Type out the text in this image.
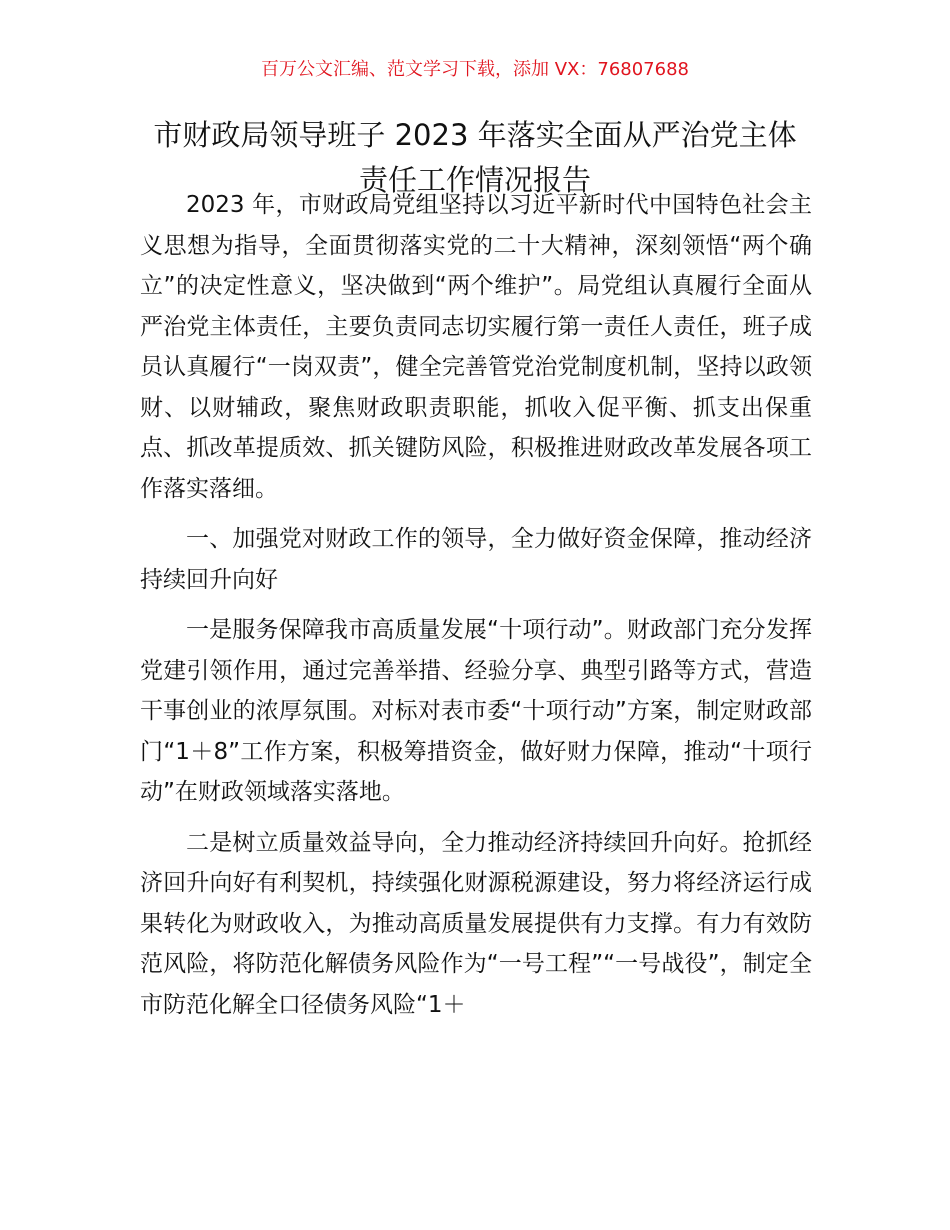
百万公文汇编、范文学习下载，添加 VX：76807688
市财政局领导班子 2023 年落实全面从严治党主体责任工作情况报告

2023 年，市财政局党组坚持以习近平新时代中国特色社会主义思想为指导，全面贯彻落实党的二十大精神，深刻领悟“两个确立”的决定性意义，坚决做到“两个维护”。局党组认真履行全面从严治党主体责任，主要负责同志切实履行第一责任人责任，班子成员认真履行“一岗双责”，健全完善管党治党制度机制，坚持以政领财、以财辅政，聚焦财政职责职能，抓收入促平衡、抓支出保重点、抓改革提质效、抓关键防风险，积极推进财政改革发展各项工作落实落细。

一、加强党对财政工作的领导，全力做好资金保障，推动经济持续回升向好

一是服务保障我市高质量发展“十项行动”。财政部门充分发挥党建引领作用，通过完善举措、经验分享、典型引路等方式，营造干事创业的浓厚氛围。对标对表市委“十项行动”方案，制定财政部门“1＋8”工作方案，积极筹措资金，做好财力保障，推动“十项行动”在财政领域落实落地。

二是树立质量效益导向，全力推动经济持续回升向好。抢抓经济回升向好有利契机，持续强化财源税源建设，努力将经济运行成果转化为财政收入，为推动高质量发展提供有力支撑。有力有效防范风险，将防范化解债务风险作为“一号工程”“一号战役”，制定全市防范化解全口径债务风险“1＋
